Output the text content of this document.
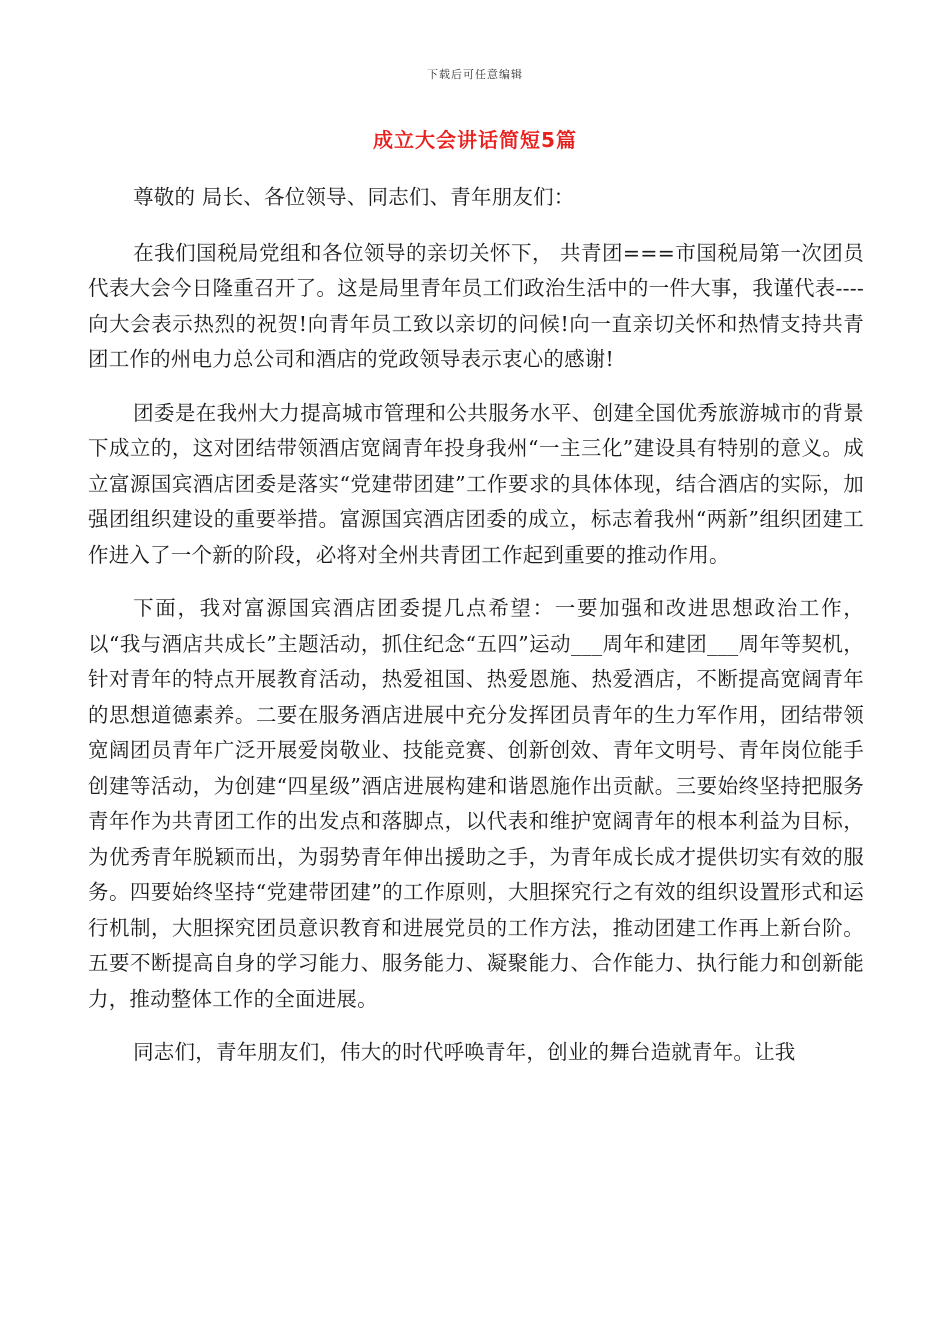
下载后可任意编辑
成立大会讲话简短5篇

尊敬的 局长、各位领导、同志们、青年朋友们：

在我们国税局党组和各位领导的亲切关怀下， 共青团===市国税局第一次团员代表大会今日隆重召开了。这是局里青年员工们政治生活中的一件大事，我谨代表----向大会表示热烈的祝贺!向青年员工致以亲切的问候!向一直亲切关怀和热情支持共青团工作的州电力总公司和酒店的党政领导表示衷心的感谢!

团委是在我州大力提高城市管理和公共服务水平、创建全国优秀旅游城市的背景下成立的，这对团结带领酒店宽阔青年投身我州“一主三化”建设具有特别的意义。成立富源国宾酒店团委是落实“党建带团建”工作要求的具体体现，结合酒店的实际，加强团组织建设的重要举措。富源国宾酒店团委的成立，标志着我州“两新”组织团建工作进入了一个新的阶段，必将对全州共青团工作起到重要的推动作用。

下面，我对富源国宾酒店团委提几点希望：一要加强和改进思想政治工作，以“我与酒店共成长”主题活动，抓住纪念“五四”运动___周年和建团___周年等契机，针对青年的特点开展教育活动，热爱祖国、热爱恩施、热爱酒店，不断提高宽阔青年的思想道德素养。二要在服务酒店进展中充分发挥团员青年的生力军作用，团结带领宽阔团员青年广泛开展爱岗敬业、技能竞赛、创新创效、青年文明号、青年岗位能手创建等活动，为创建“四星级”酒店进展构建和谐恩施作出贡献。三要始终坚持把服务青年作为共青团工作的出发点和落脚点，以代表和维护宽阔青年的根本利益为目标，为优秀青年脱颖而出，为弱势青年伸出援助之手，为青年成长成才提供切实有效的服务。四要始终坚持“党建带团建”的工作原则，大胆探究行之有效的组织设置形式和运行机制，大胆探究团员意识教育和进展党员的工作方法，推动团建工作再上新台阶。五要不断提高自身的学习能力、服务能力、凝聚能力、合作能力、执行能力和创新能力，推动整体工作的全面进展。

同志们，青年朋友们，伟大的时代呼唤青年，创业的舞台造就青年。让我
